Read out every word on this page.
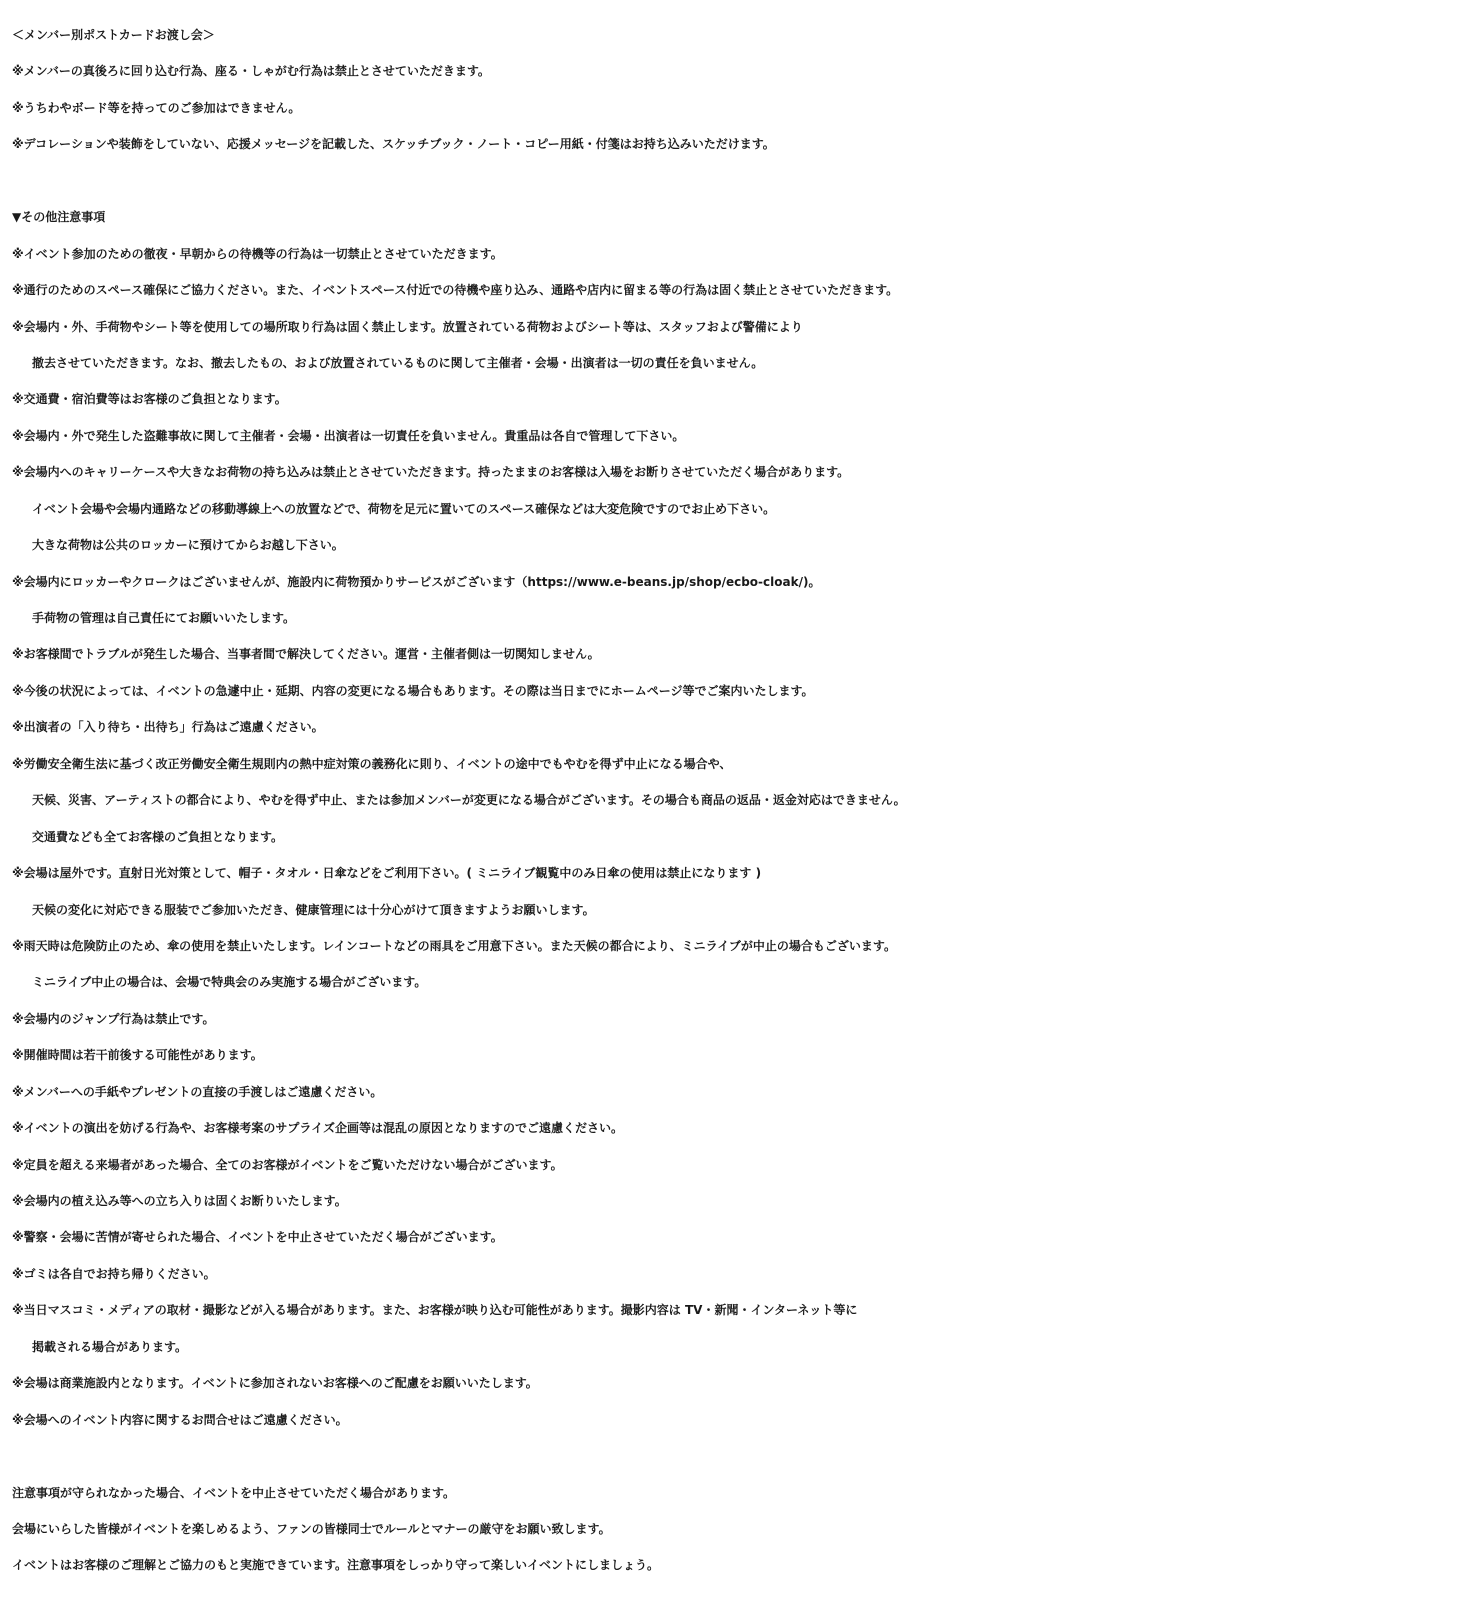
＜メンバー別ポストカードお渡し会＞
※メンバーの真後ろに回り込む行為、座る・しゃがむ行為は禁止とさせていただきます。
※うちわやボード等を持ってのご参加はできません。
※デコレーションや装飾をしていない、応援メッセージを記載した、スケッチブック・ノート・コピー用紙・付箋はお持ち込みいただけます。
▼その他注意事項
※イベント参加のための徹夜・早朝からの待機等の行為は一切禁止とさせていただきます。
※通行のためのスペース確保にご協力ください。また、イベントスペース付近での待機や座り込み、通路や店内に留まる等の行為は固く禁止とさせていただきます。
※会場内・外、手荷物やシート等を使用しての場所取り行為は固く禁止します。放置されている荷物およびシート等は、スタッフおよび警備により
撤去させていただきます。なお、撤去したもの、および放置されているものに関して主催者・会場・出演者は一切の責任を負いません。
※交通費・宿泊費等はお客様のご負担となります。
※会場内・外で発生した盗難事故に関して主催者・会場・出演者は一切責任を負いません。貴重品は各自で管理して下さい。
※会場内へのキャリーケースや大きなお荷物の持ち込みは禁止とさせていただきます。持ったままのお客様は入場をお断りさせていただく場合があります。
イベント会場や会場内通路などの移動導線上への放置などで、荷物を足元に置いてのスペース確保などは大変危険ですのでお止め下さい。
大きな荷物は公共のロッカーに預けてからお越し下さい。
※会場内にロッカーやクロークはございませんが、施設内に荷物預かりサービスがございます（https://www.e-beans.jp/shop/ecbo-cloak/)。
手荷物の管理は自己責任にてお願いいたします。
※お客様間でトラブルが発生した場合、当事者間で解決してください。運営・主催者側は一切関知しません。
※今後の状況によっては、イベントの急遽中止・延期、内容の変更になる場合もあります。その際は当日までにホームページ等でご案内いたします。
※出演者の「入り待ち・出待ち」行為はご遠慮ください。
※労働安全衛生法に基づく改正労働安全衛生規則内の熱中症対策の義務化に則り、イベントの途中でもやむを得ず中止になる場合や、
天候、災害、アーティストの都合により、やむを得ず中止、または参加メンバーが変更になる場合がございます。その場合も商品の返品・返金対応はできません。
交通費なども全てお客様のご負担となります。
※会場は屋外です。直射日光対策として、帽子・タオル・日傘などをご利用下さい。( ミニライブ観覧中のみ日傘の使用は禁止になります )
天候の変化に対応できる服装でご参加いただき、健康管理には十分心がけて頂きますようお願いします。
※雨天時は危険防止のため、傘の使用を禁止いたします。レインコートなどの雨具をご用意下さい。また天候の都合により、ミニライブが中止の場合もございます。
ミニライブ中止の場合は、会場で特典会のみ実施する場合がございます。
※会場内のジャンプ行為は禁止です。
※開催時間は若干前後する可能性があります。
※メンバーへの手紙やプレゼントの直接の手渡しはご遠慮ください。
※イベントの演出を妨げる行為や、お客様考案のサプライズ企画等は混乱の原因となりますのでご遠慮ください。
※定員を超える来場者があった場合、全てのお客様がイベントをご覧いただけない場合がございます。
※会場内の植え込み等への立ち入りは固くお断りいたします。
※警察・会場に苦情が寄せられた場合、イベントを中止させていただく場合がございます。
※ゴミは各自でお持ち帰りください。
※当日マスコミ・メディアの取材・撮影などが入る場合があります。また、お客様が映り込む可能性があります。撮影内容は TV・新聞・インターネット等に
掲載される場合があります。
※会場は商業施設内となります。イベントに参加されないお客様へのご配慮をお願いいたします。
※会場へのイベント内容に関するお問合せはご遠慮ください。
注意事項が守られなかった場合、イベントを中止させていただく場合があります。
会場にいらした皆様がイベントを楽しめるよう、ファンの皆様同士でルールとマナーの厳守をお願い致します。
イベントはお客様のご理解とご協力のもと実施できています。注意事項をしっかり守って楽しいイベントにしましょう。
